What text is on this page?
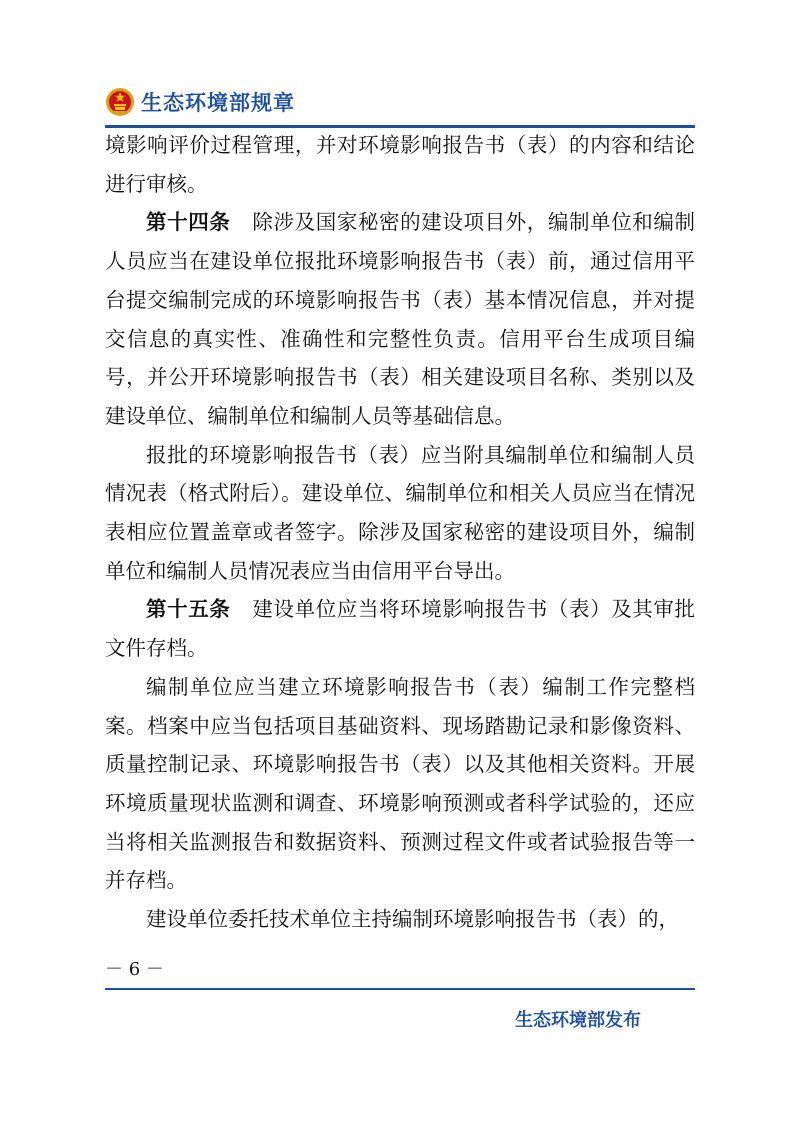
生态环境部规章

境影响评价过程管理，并对环境影响报告书（表）的内容和结论进行审核。

第十四条 除涉及国家秘密的建设项目外，编制单位和编制人员应当在建设单位报批环境影响报告书（表）前，通过信用平台提交编制完成的环境影响报告书（表）基本情况信息，并对提交信息的真实性、准确性和完整性负责。信用平台生成项目编号，并公开环境影响报告书（表）相关建设项目名称、类别以及建设单位、编制单位和编制人员等基础信息。

报批的环境影响报告书（表）应当附具编制单位和编制人员情况表（格式附后）。建设单位、编制单位和相关人员应当在情况表相应位置盖章或者签字。除涉及国家秘密的建设项目外，编制单位和编制人员情况表应当由信用平台导出。

第十五条 建设单位应当将环境影响报告书（表）及其审批文件存档。

编制单位应当建立环境影响报告书（表）编制工作完整档案。档案中应当包括项目基础资料、现场踏勘记录和影像资料、质量控制记录、环境影响报告书（表）以及其他相关资料。开展环境质量现状监测和调查、环境影响预测或者科学试验的，还应当将相关监测报告和数据资料、预测过程文件或者试验报告等一并存档。

建设单位委托技术单位主持编制环境影响报告书（表）的，

－ 6 －
生态环境部发布
